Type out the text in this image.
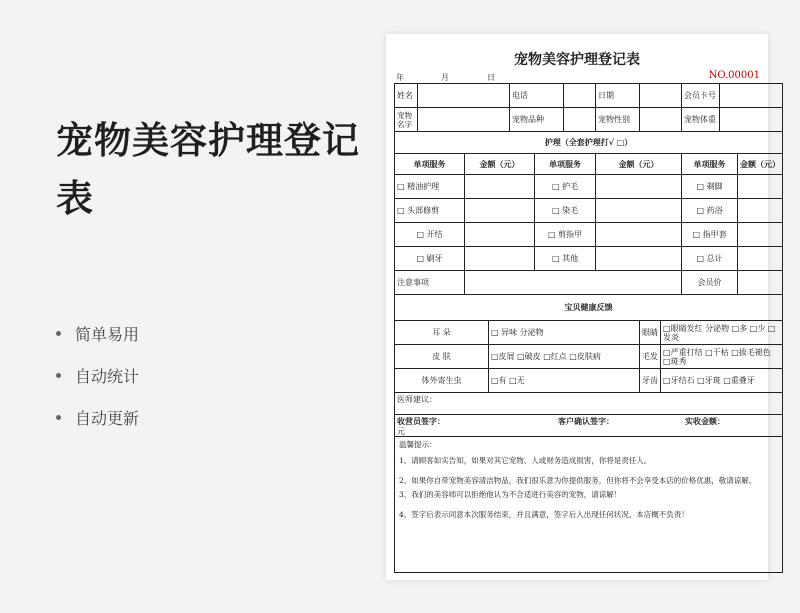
宠物美容护理登记表
简单易用
自动统计
自动更新
宠物美容护理登记表
年	月	日	NO.00001
姓名				电话			日期			会员卡号		
宠物名字				宠物品种			宠物性别			宠物体重		
护理（全套护理打√ □）												
单项服务		金额（元）			单项服务		金额（元）			单项服务		金额（元）
□ 精油护理					□ 护毛					□ 剃脚		
□ 头部修剪					□ 染毛					□ 药浴		
□ 开结					□ 剪指甲					□ 指甲套		
□ 刷牙					□ 其他					□ 总计		
注意事项										会员价		
宝贝健康反馈												
耳 朵			□ 异味 分泌物					眼睛	□眼睛发红 分泌物 □多 □少 □发炎			
皮 肤			□皮屑 □破皮 □红点 □皮肤病					毛发	□严重打结 □干枯 □拔毛褪色 □斑秀			
体外寄生虫			□有 □无					牙齿	□牙结石 □牙斑 □重叠牙			
医师建议：												

收营员签字： 客户确认签字： 实收金额：
元												

温馨提示：
1、请顾客如实告知，如果对其它宠物、人或财务造成损害，你将是责任人。
2、如果你自带宠物美容清洁物品，我们很乐意为你提供服务，但你将不会享受本店的价格优惠，敬请谅解。
3、我们的美容师可以拒绝他认为不合适进行美容的宠物，请谅解！
4、签字后表示同意本次服务结束，并且满意，签字后入出现任何状况，本店概不负责！												
